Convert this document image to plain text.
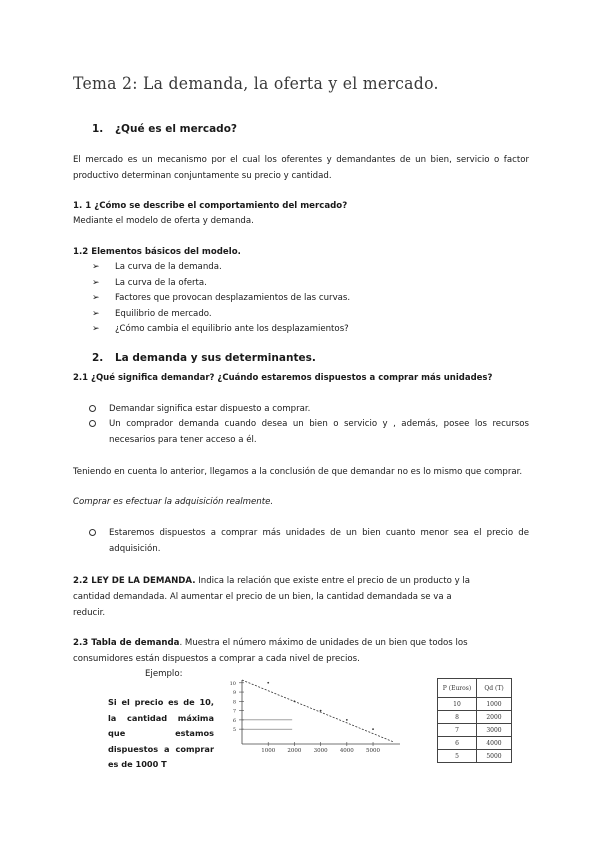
Tema 2: La demanda, la oferta y el mercado.
1. ¿Qué es el mercado?
El mercado es un mecanismo por el cual los oferentes y demandantes de un bien, servicio o factor productivo determinan conjuntamente su precio y cantidad.
1. 1 ¿Cómo se describe el comportamiento del mercado?
Mediante el modelo de oferta y demanda.
1.2 Elementos básicos del modelo.
➢ La curva de la demanda.
➢ La curva de la oferta.
➢ Factores que provocan desplazamientos de las curvas.
➢ Equilibrio de mercado.
➢ ¿Cómo cambia el equilibrio ante los desplazamientos?
2. La demanda y sus determinantes.
2.1 ¿Qué significa demandar? ¿Cuándo estaremos dispuestos a comprar más unidades?
Demandar significa estar dispuesto a comprar.
Un comprador demanda cuando desea un bien o servicio y , además, posee los recursos necesarios para tener acceso a él.
Teniendo en cuenta lo anterior, llegamos a la conclusión de que demandar no es lo mismo que comprar.
Comprar es efectuar la adquisición realmente.
Estaremos dispuestos a comprar más unidades de un bien cuanto menor sea el precio de adquisición.
2.2 LEY DE LA DEMANDA. Indica la relación que existe entre el precio de un producto y la cantidad demandada. Al aumentar el precio de un bien, la cantidad demandada se va a reducir.
2.3 Tabla de demanda. Muestra el número máximo de unidades de un bien que todos los consumidores están dispuestos a comprar a cada nivel de precios.
Ejemplo:
Si el precio es de 10, la cantidad máxima que estamos dispuestos a comprar es de 1000 T
10
9
8
7
6
5
1000 2000 3000 4000 5000
P (Euros)	Qd (T)
10	1000
8	2000
7	3000
6	4000
5	5000
